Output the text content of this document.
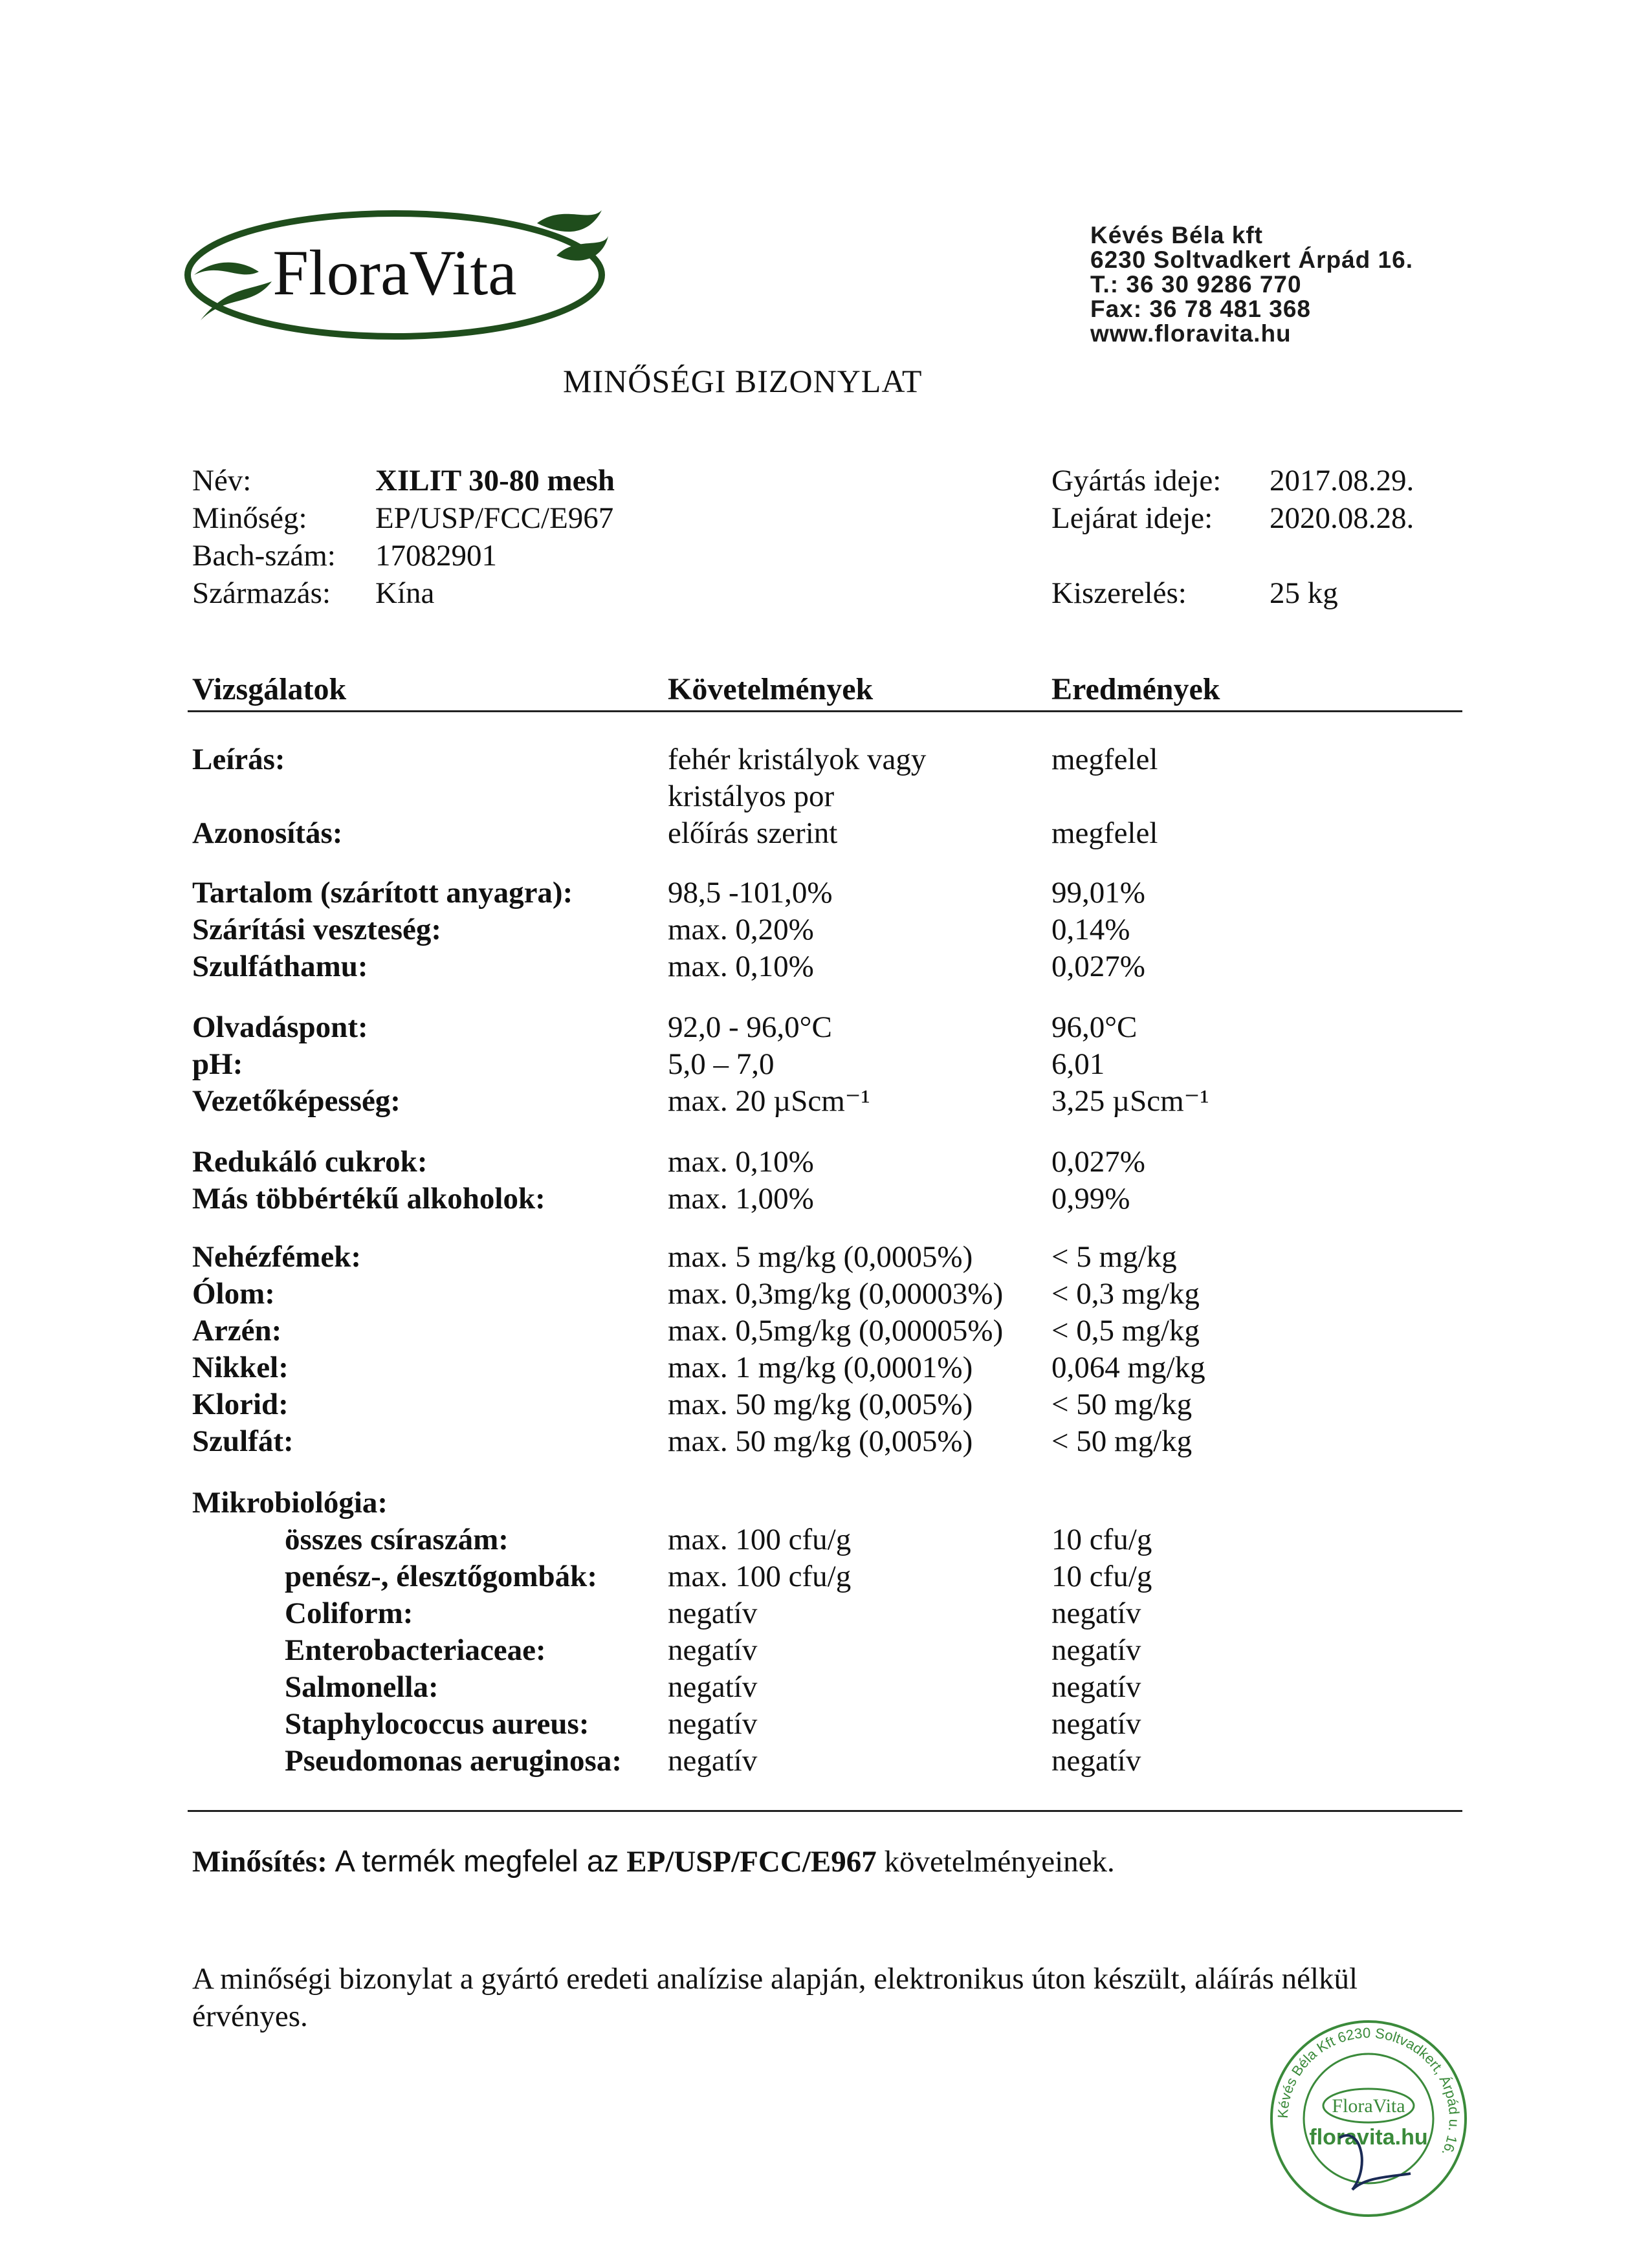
FloraVita
Kévés Béla kft
6230 Soltvadkert Árpád 16.
T.: 36 30 9286 770
Fax: 36 78 481 368
www.floravita.hu
MINŐSÉGI BIZONYLAT
Név:	XILIT 30-80 mesh
Minőség: EP/USP/FCC/E967
Bach-szám: 17082901
Származás: Kína
Gyártás ideje: 2017.08.29.
Lejárat ideje: 2020.08.28.
Kiszerelés:	25 kg
Vizsgálatok	Követelmények	Eredmények
Leírás:	fehér kristályok vagy	megfelel
kristályos por
Azonosítás:	előírás szerint	megfelel
Tartalom (szárított anyagra):	98,5 -101,0%	99,01%
Szárítási veszteség:	max. 0,20%	0,14%
Szulfáthamu:	max. 0,10%	0,027%
Olvadáspont:	92,0 - 96,0°C	96,0°C
pH:	5,0 – 7,0	6,01
Vezetőképesség:	max. 20 µScm⁻¹	3,25 µScm⁻¹
Redukáló cukrok:	max. 0,10%	0,027%
Más többértékű alkoholok:	max. 1,00%	0,99%
Nehézfémek:	max. 5 mg/kg (0,0005%)	< 5 mg/kg
Ólom:	max. 0,3mg/kg (0,00003%) < 0,3 mg/kg
Arzén:	max. 0,5mg/kg (0,00005%) < 0,5 mg/kg
Nikkel:	max. 1 mg/kg (0,0001%)	0,064 mg/kg
Klorid:	max. 50 mg/kg (0,005%)	< 50 mg/kg
Szulfát:	max. 50 mg/kg (0,005%)	< 50 mg/kg
Mikrobiológia:
összes csíraszám:	max. 100 cfu/g	10 cfu/g
penész-, élesztőgombák: max. 100 cfu/g	10 cfu/g
Coliform:	negatív	negatív
Enterobacteriaceae:	negatív	negatív
Salmonella:	negatív	negatív
Staphylococcus aureus:	negatív	negatív
Pseudomonas aeruginosa: negatív	negatív
Minősítés: A termék megfelel az EP/USP/FCC/E967 követelményeinek.
A minőségi bizonylat a gyártó eredeti analízise alapján, elektronikus úton készült, aláírás nélkül
érvényes.
Kévés Béla Kft 6230 Soltvadkert, Árpád u. 16.
FloraVita
floravita.hu
